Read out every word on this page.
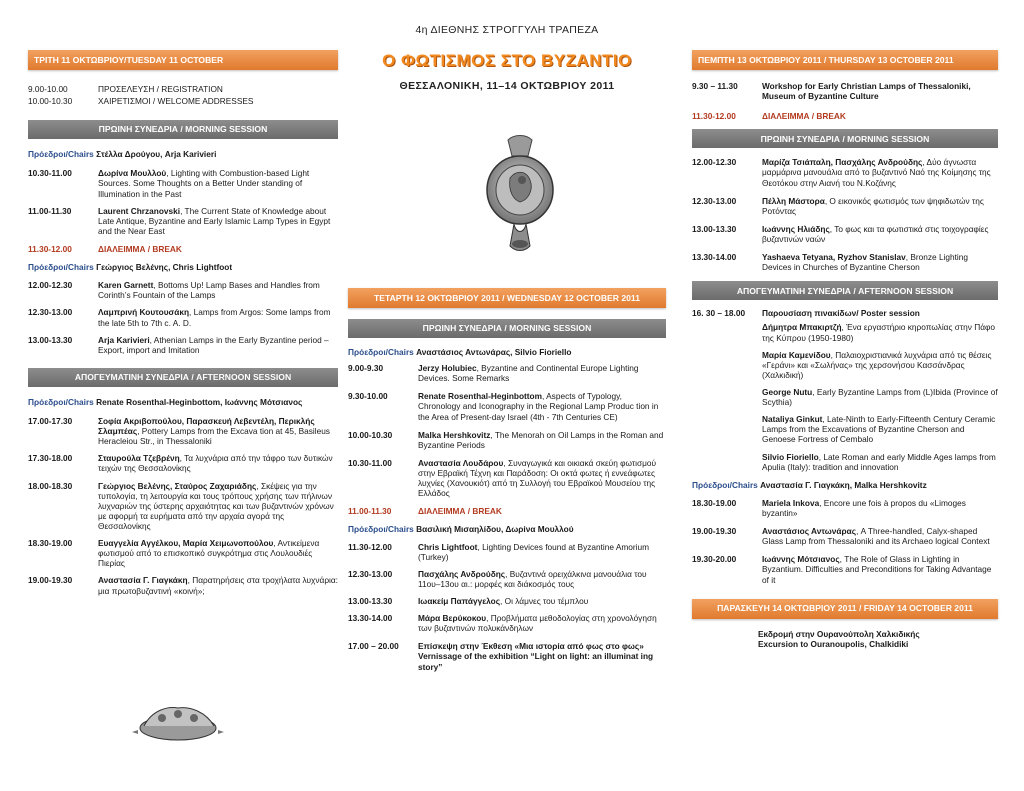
4η ΔΙΕΘΝΗΣ ΣΤΡΟΓΓΥΛΗ ΤΡΑΠΕΖΑ
Ο ΦΩΤΙΣΜΟΣ ΣΤΟ ΒΥΖΑΝΤΙΟ
ΘΕΣΣΑΛΟΝΙΚΗ, 11–14 ΟΚΤΩΒΡΙΟΥ 2011
ΤΡΙΤΗ 11 ΟΚΤΩΒΡΙΟΥ/TUESDAY 11 OCTOBER
9.00-10.00	ΠΡΟΣΕΛΕΥΣΗ / REGISTRATION
10.00-10.30	ΧΑΙΡΕΤΙΣΜΟΙ / WELCOME ADDRESSES
ΠΡΩΙΝΗ ΣΥΝΕΔΡΙΑ / MORNING SESSION
Πρόεδροι/Chairs Στέλλα Δρούγου, Arja Karivieri
10.30-11.00	Δωρίνα Μουλλού, Lighting with Combustion-based Light Sources. Some Thoughts on a Better Under standing of Illumination in the Past
11.00-11.30	Laurent Chrzanovski, The Current State of Knowledge about Late Antique, Byzantine and Early Islamic Lamp Types in Egypt and the Near East
11.30-12.00	ΔΙΑΛΕΙΜΜΑ / BREAK
Πρόεδροι/Chairs Γεώργιος Βελένης, Chris Lightfoot
12.00-12.30	Karen Garnett, Bottoms Up! Lamp Bases and Handles from Corinth’s Fountain of the Lamps
12.30-13.00	Λαμπρινή Κουτουσάκη, Lamps from Argos: Some lamps from the late 5th to 7th c. A. D.
13.00-13.30	Arja Karivieri, Athenian Lamps in the Early Byzantine period –Export, import and Imitation
ΑΠΟΓΕΥΜΑΤΙΝΗ ΣΥΝΕΔΡΙΑ / AFTERNOON SESSION
Πρόεδροι/Chairs Renate Rosenthal-Heginbottom, Ιωάννης Μότσιανος
17.00-17.30	Σοφία Ακριβοπούλου, Παρασκευή Λεβεντέλη, Περικλής Σλαμπέας, Pottery Lamps from the Excava tion at 45, Basileus Heracleiou Str., in Thessaloniki
17.30-18.00	Σταυρούλα Τζεβρένη, Τα λυχνάρια από την τάφρο των δυτικών τειχών της Θεσσαλονίκης
18.00-18.30	Γεώργιος Βελένης, Σταύρος Ζαχαριάδης, Σκέψεις για την τυπολογία, τη λειτουργία και τους τρόπους χρήσης των πήλινων λυχναριών της ύστερης αρχαιότητας και των βυζαντινών χρόνων με αφορμή τα ευρήματα από την αρχαία αγορά της Θεσσαλονίκης
18.30-19.00	Ευαγγελία Αγγέλκου, Μαρία Χειμωνοπούλου, Αντικείμενα φωτισμού από το επισκοπικό συγκρότημα στις Λουλουδιές Πιερίας
19.00-19.30	Αναστασία Γ. Γιαγκάκη, Παρατηρήσεις στα τροχήλατα λυχνάρια: μια πρωτοβυζαντινή «κοινή»;
ΤΕΤΑΡΤΗ 12 ΟΚΤΩΒΡΙΟΥ 2011 / WEDNESDAY 12 OCTOBER 2011
ΠΡΩΙΝΗ ΣΥΝΕΔΡΙΑ / MORNING SESSION
Πρόεδροι/Chairs Αναστάσιος Αντωνάρας, Silvio Fioriello
9.00-9.30	Jerzy Holubiec, Byzantine and Continental Europe Lighting Devices. Some Remarks
9.30-10.00	Renate Rosenthal-Heginbottom, Aspects of Typology, Chronology and Iconography in the Regional Lamp Produc tion in the Area of Present-day Israel (4th - 7th Centuries CE)
10.00-10.30	Malka Hershkovitz, The Menorah on Oil Lamps in the Roman and Byzantine Periods
10.30-11.00	Αναστασία Λουδάρου, Συναγωγικά και οικιακά σκεύη φωτισμού στην Εβραϊκή Τέχνη και Παράδοση: Οι οκτά φωτες ή εννεάφωτες λυχνίες (Χανουκιότ) από τη Συλλογή του Εβραϊκού Μουσείου της Ελλάδος
11.00-11.30	ΔΙΑΛΕΙΜΜΑ / BREAK
Πρόεδροι/Chairs Βασιλική Μισαηλίδου, Δωρίνα Μουλλού
11.30-12.00	Chris Lightfoot, Lighting Devices found at Byzantine Amorium (Turkey)
12.30-13.00	Πασχάλης Ανδρούδης, Βυζαντινά ορειχάλκινα μανουάλια του 11ου–13ου αι.: μορφές και διάκοσμός τους
13.00-13.30	Ιωακείμ Παπάγγελος, Οι λάμνες του τέμπλου
13.30-14.00	Μάρα Βερύκοκου, Προβλήματα μεθοδολογίας στη χρονολόγηση των βυζαντινών πολυκάνδηλων
17.00 – 20.00	Επίσκεψη στην Έκθεση «Μια ιστορία από φως στο φως» Vernissage of the exhibition “Light on light: an illuminat ing story”
ΠΕΜΠΤΗ 13 ΟΚΤΩΒΡΙΟΥ 2011 / THURSDAY 13 OCTOBER 2011
9.30 – 11.30	Workshop for Early Christian Lamps of Thessaloniki, Museum of Byzantine Culture
11.30-12.00	ΔΙΑΛΕΙΜΜΑ / BREAK
ΠΡΩΙΝΗ ΣΥΝΕΔΡΙΑ / MORNING SESSION
12.00-12.30	Μαρίζα Τσιάπαλη, Πασχάλης Ανδρούδης, Δύο άγνωστα μαρμάρινα μανουάλια από το βυζαντινό Ναό της Κοίμησης της Θεοτόκου στην Αιανή του Ν.Κοζάνης
12.30-13.00	Πέλλη Μάστορα, Ο εικονικός φωτισμός των ψηφιδωτών της Ροτόντας
13.00-13.30	Ιωάννης Ηλιάδης, Το φως και τα φωτιστικά στις τοιχογραφίες βυζαντινών ναών
13.30-14.00	Yashaeva Tetyana, Ryzhov Stanislav, Bronze Lighting Devices in Churches of Byzantine Cherson
ΑΠΟΓΕΥΜΑΤΙΝΗ ΣΥΝΕΔΡΙΑ / AFTERNOON SESSION
16. 30 – 18.00	Παρουσίαση πινακίδων/ Poster session
Δήμητρα Μπακιρτζή, Ένα εργαστήριο κηροπωλίας στην Πάφο της Κύπρου (1950-1980)
Μαρία Καμενίδου, Παλαιοχριστιανικά λυχνάρια από τις θέσεις «Γεράνι» και «Σωλήνας» της χερσονήσου Κασσάνδρας (Χαλκιδική)
George Nutu, Early Byzantine Lamps from (L)Ibida (Province of Scythia)
Nataliya Ginkut, Late-Ninth to Early-Fifteenth Century Ceramic Lamps from the Excavations of Byzantine Cherson and Genoese Fortress of Cembalo
Silvio Fioriello, Late Roman and early Middle Ages lamps from Apulia (Italy): tradition and innovation
Πρόεδροι/Chairs Αναστασία Γ. Γιαγκάκη, Malka Hershkovitz
18.30-19.00	Mariela Inkova, Encore une fois à propos du «Limoges byzantin»
19.00-19.30	Αναστάσιος Αντωνάρας, A Three-handled, Calyx-shaped Glass Lamp from Thessaloniki and its Archaeo logical Context
19.30-20.00	Ιωάννης Μότσιανος, The Role of Glass in Lighting in Byzantium. Difficulties and Preconditions for Taking Advantage of it
ΠΑΡΑΣΚΕΥΗ 14 ΟΚΤΩΒΡΙΟΥ 2011 / FRIDAY 14 OCTOBER 2011
Εκδρομή στην Ουρανούπολη Χαλκιδικής
Excursion to Ouranoupolis, Chalkidiki
